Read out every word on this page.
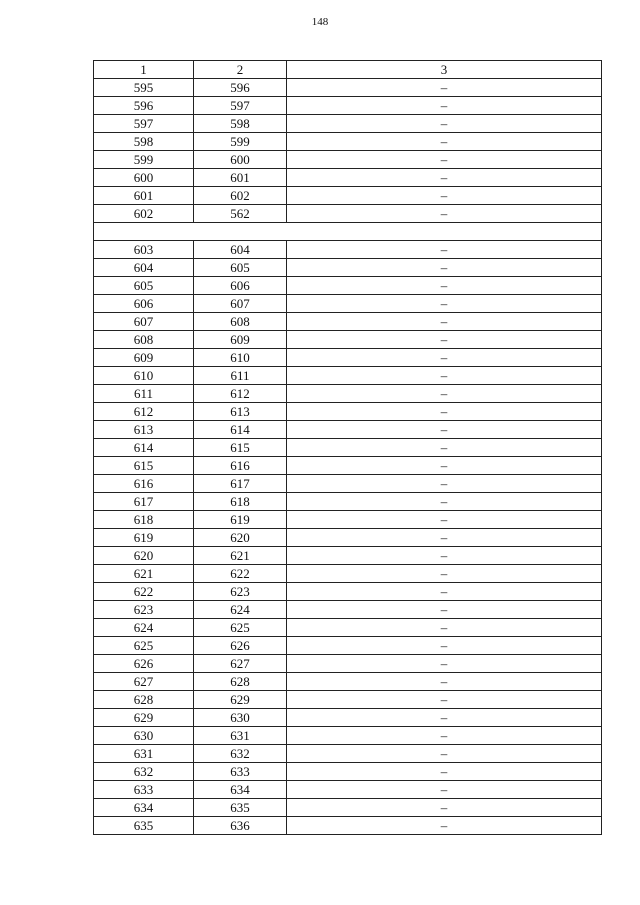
148
1	2	3
595	596	–
596	597	–
597	598	–
598	599	–
599	600	–
600	601	–
601	602	–
602	562	–

603	604	–
604	605	–
605	606	–
606	607	–
607	608	–
608	609	–
609	610	–
610	611	–
611	612	–
612	613	–
613	614	–
614	615	–
615	616	–
616	617	–
617	618	–
618	619	–
619	620	–
620	621	–
621	622	–
622	623	–
623	624	–
624	625	–
625	626	–
626	627	–
627	628	–
628	629	–
629	630	–
630	631	–
631	632	–
632	633	–
633	634	–
634	635	–
635	636	–
